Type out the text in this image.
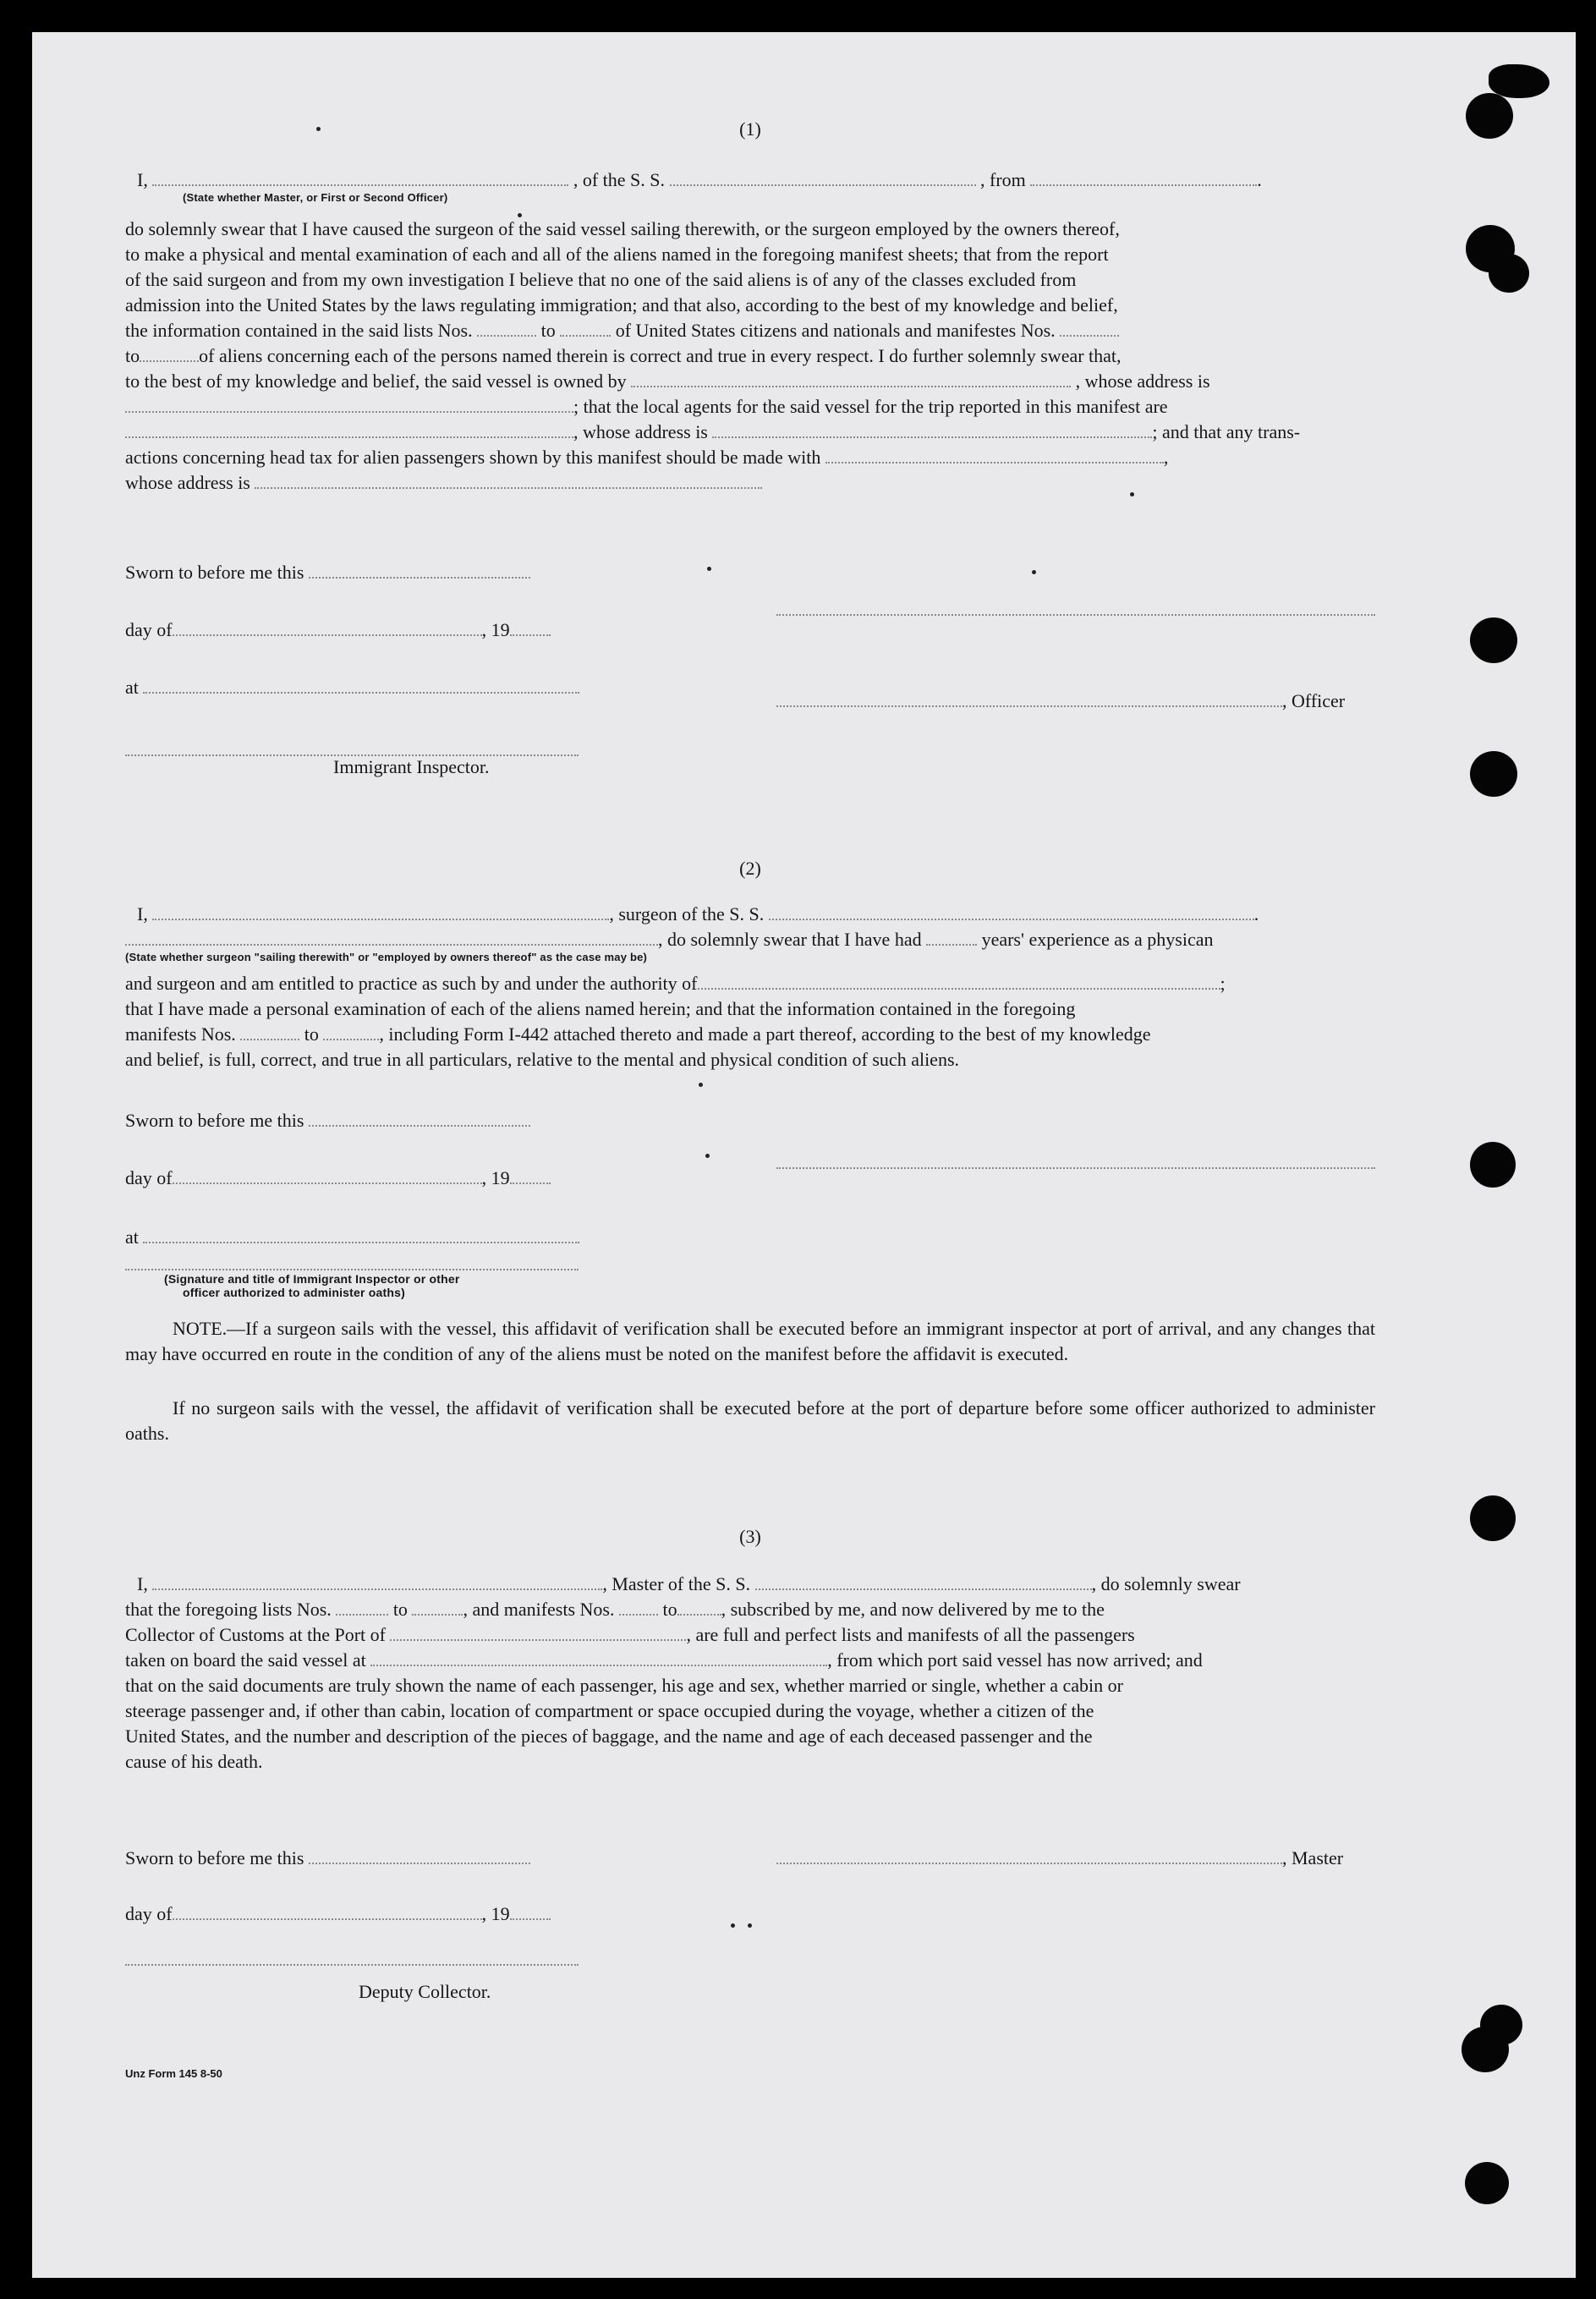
(1)
I,	, of the S. S.	, from	.
(State whether Master, or First or Second Officer)
do solemnly swear that I have caused the surgeon of the said vessel sailing therewith, or the surgeon employed by the owners thereof,
to make a physical and mental examination of each and all of the aliens named in the foregoing manifest sheets; that from the report
of the said surgeon and from my own investigation I believe that no one of the said aliens is of any of the classes excluded from
admission into the United States by the laws regulating immigration; and that also, according to the best of my knowledge and belief,
the information contained in the said lists Nos.	to	of United States citizens and nationals and manifestes Nos.
to	of aliens concerning each of the persons named therein is correct and true in every respect. I do further solemnly swear that,
to the best of my knowledge and belief, the said vessel is owned by	, whose address is
; that the local agents for the said vessel for the trip reported in this manifest are
, whose address is	; and that any trans-
actions concerning head tax for alien passengers shown by this manifest should be made with	,
whose address is
Sworn to before me this
day of	, 19
at
, Officer
Immigrant Inspector.
(2)
I,	, surgeon of the S. S.	.
, do solemnly swear that I have had	years' experience as a physican
(State whether surgeon "sailing therewith" or "employed by owners thereof" as the case may be)
and surgeon and am entitled to practice as such by and under the authority of	;
that I have made a personal examination of each of the aliens named herein; and that the information contained in the foregoing
manifests Nos.	to	, including Form I-442 attached thereto and made a part thereof, according to the best of my knowledge
and belief, is full, correct, and true in all particulars, relative to the mental and physical condition of such aliens.
Sworn to before me this
day of	, 19
at
(Signature and title of Immigrant Inspector or other
officer authorized to administer oaths)
NOTE.—If a surgeon sails with the vessel, this affidavit of verification shall be executed before an immigrant inspector at port of arrival, and any changes that may have occurred en route in the condition of any of the aliens must be noted on the manifest before the affidavit is executed.
If no surgeon sails with the vessel, the affidavit of verification shall be executed before at the port of departure before some officer authorized to administer oaths.
(3)
I,	, Master of the S. S.	, do solemnly swear
that the foregoing lists Nos.	to	, and manifests Nos.	to , subscribed by me, and now delivered by me to the
Collector of Customs at the Port of	, are full and perfect lists and manifests of all the passengers
taken on board the said vessel at	, from which port said vessel has now arrived; and
that on the said documents are truly shown the name of each passenger, his age and sex, whether married or single, whether a cabin or
steerage passenger and, if other than cabin, location of compartment or space occupied during the voyage, whether a citizen of the
United States, and the number and description of the pieces of baggage, and the name and age of each deceased passenger and the
cause of his death.
Sworn to before me this	, Master
day of	, 19
Deputy Collector.
Unz Form 145 8-50
